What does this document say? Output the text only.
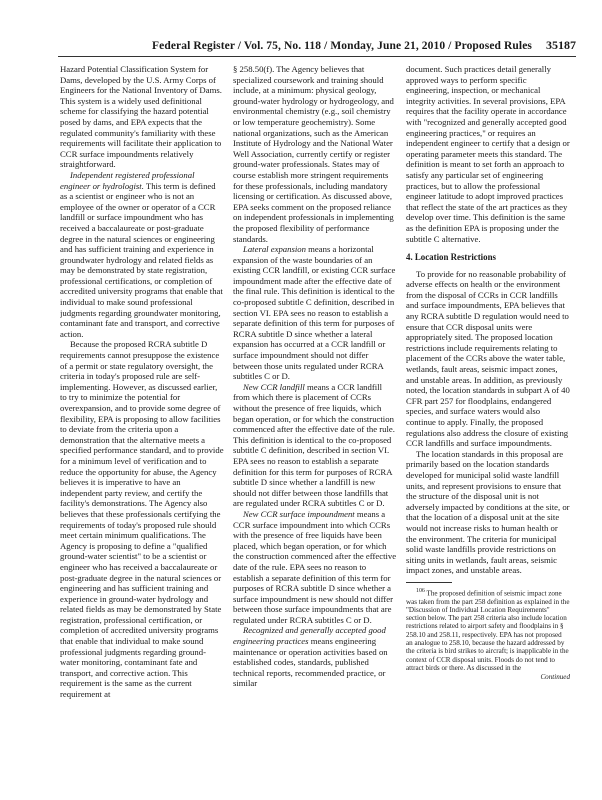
Federal Register / Vol. 75, No. 118 / Monday, June 21, 2010 / Proposed Rules 35187

Hazard Potential Classification System for Dams, developed by the U.S. Army Corps of Engineers for the National Inventory of Dams. This system is a widely used definitional scheme for classifying the hazard potential posed by dams, and EPA expects that the regulated community's familiarity with these requirements will facilitate their application to CCR surface impoundments relatively straightforward.

Independent registered professional engineer or hydrologist. This term is defined as a scientist or engineer who is not an employee of the owner or operator of a CCR landfill or surface impoundment who has received a baccalaureate or post-graduate degree in the natural sciences or engineering and has sufficient training and experience in groundwater hydrology and related fields as may be demonstrated by state registration, professional certifications, or completion of accredited university programs that enable that individual to make sound professional judgments regarding groundwater monitoring, contaminant fate and transport, and corrective action.

Because the proposed RCRA subtitle D requirements cannot presuppose the existence of a permit or state regulatory oversight, the criteria in today's proposed rule are self-implementing. However, as discussed earlier, to try to minimize the potential for overexpansion, and to provide some degree of flexibility, EPA is proposing to allow facilities to deviate from the criteria upon a demonstration that the alternative meets a specified performance standard, and to provide for a minimum level of verification and to reduce the opportunity for abuse, the Agency believes it is imperative to have an independent party review, and certify the facility's demonstrations. The Agency also believes that these professionals certifying the requirements of today's proposed rule should meet certain minimum qualifications. The Agency is proposing to define a "qualified ground-water scientist" to be a scientist or engineer who has received a baccalaureate or post-graduate degree in the natural sciences or engineering and has sufficient training and experience in ground-water hydrology and related fields as may be demonstrated by State registration, professional certification, or completion of accredited university programs that enable that individual to make sound professional judgments regarding ground-water monitoring, contaminant fate and transport, and corrective action. This requirement is the same as the current requirement at

§ 258.50(f). The Agency believes that specialized coursework and training should include, at a minimum: physical geology, ground-water hydrology or hydrogeology, and environmental chemistry (e.g., soil chemistry or low temperature geochemistry). Some national organizations, such as the American Institute of Hydrology and the National Water Well Association, currently certify or register ground-water professionals. States may of course establish more stringent requirements for these professionals, including mandatory licensing or certification. As discussed above, EPA seeks comment on the proposed reliance on independent professionals in implementing the proposed flexibility of performance standards.

Lateral expansion means a horizontal expansion of the waste boundaries of an existing CCR landfill, or existing CCR surface impoundment made after the effective date of the final rule. This definition is identical to the co-proposed subtitle C definition, described in section VI. EPA sees no reason to establish a separate definition of this term for purposes of RCRA subtitle D since whether a lateral expansion has occurred at a CCR landfill or surface impoundment should not differ between those units regulated under RCRA subtitles C or D.

New CCR landfill means a CCR landfill from which there is placement of CCRs without the presence of free liquids, which began operation, or for which the construction commenced after the effective date of the rule. This definition is identical to the co-proposed subtitle C definition, described in section VI. EPA sees no reason to establish a separate definition for this term for purposes of RCRA subtitle D since whether a landfill is new should not differ between those landfills that are regulated under RCRA subtitles C or D.

New CCR surface impoundment means a CCR surface impoundment into which CCRs with the presence of free liquids have been placed, which began operation, or for which the construction commenced after the effective date of the rule. EPA sees no reason to establish a separate definition of this term for purposes of RCRA subtitle D since whether a surface impoundment is new should not differ between those surface impoundments that are regulated under RCRA subtitles C or D.

Recognized and generally accepted good engineering practices means engineering maintenance or operation activities based on established codes, standards, published technical reports, recommended practice, or similar

document. Such practices detail generally approved ways to perform specific engineering, inspection, or mechanical integrity activities. In several provisions, EPA requires that the facility operate in accordance with "recognized and generally accepted good engineering practices," or requires an independent engineer to certify that a design or operating parameter meets this standard. The definition is meant to set forth an approach to satisfy any particular set of engineering practices, but to allow the professional engineer latitude to adopt improved practices that reflect the state of the art practices as they develop over time. This definition is the same as the definition EPA is proposing under the subtitle C alternative.

4. Location Restrictions

To provide for no reasonable probability of adverse effects on health or the environment from the disposal of CCRs in CCR landfills and surface impoundments, EPA believes that any RCRA subtitle D regulation would need to ensure that CCR disposal units were appropriately sited. The proposed location restrictions include requirements relating to placement of the CCRs above the water table, wetlands, fault areas, seismic impact zones, and unstable areas. In addition, as previously noted, the location standards in subpart A of 40 CFR part 257 for floodplains, endangered species, and surface waters would also continue to apply. Finally, the proposed regulations also address the closure of existing CCR landfills and surface impoundments.

The location standards in this proposal are primarily based on the location standards developed for municipal solid waste landfill units, and represent provisions to ensure that the structure of the disposal unit is not adversely impacted by conditions at the site, or that the location of a disposal unit at the site would not increase risks to human health or the environment. The criteria for municipal solid waste landfills provide restrictions on siting units in wetlands, fault areas, seismic impact zones, and unstable areas.

$^{106}$ The proposed definition of seismic impact zone was taken from the part 258 definition as explained in the "Discussion of Individual Location Requirements" section below. The part 258 criteria also include location restrictions related to airport safety and floodplains in § 258.10 and 258.11, respectively. EPA has not proposed an analogue to 258.10, because the hazard addressed by the criteria is bird strikes to aircraft; is inapplicable in the context of CCR disposal units. Floods do not tend to attract birds or there. As discussed in the

Continued
